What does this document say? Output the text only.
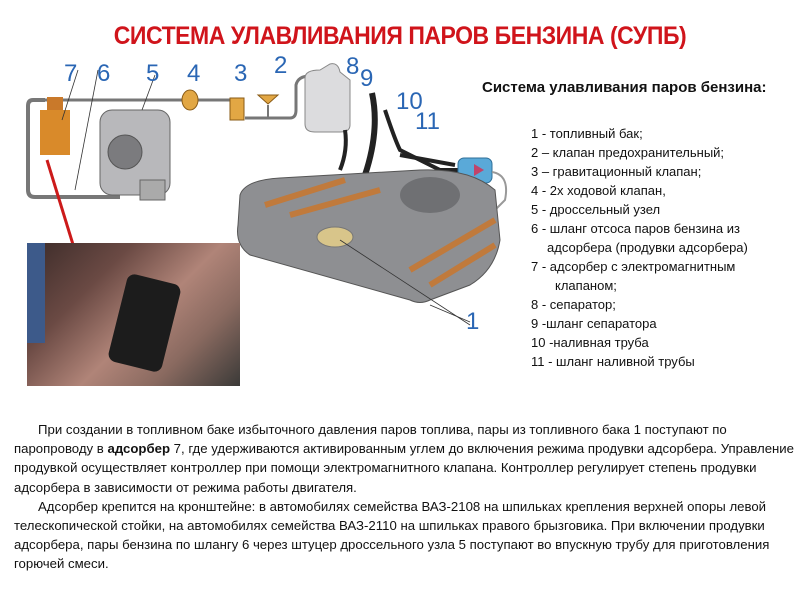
СИСТЕМА УЛАВЛИВАНИЯ ПАРОВ БЕНЗИНА (СУПБ)
7 6 5 4 3 2 8 9
10
11
1
Система улавливания паров бензина:
1 - топливный бак;
2 – клапан предохранительный;
3 – гравитационный клапан;
4 - 2х ходовой клапан,
5 - дроссельный узел
6 - шланг отсоса паров бензина из
адсорбера (продувки адсорбера)
7 - адсорбер с электромагнитным
клапаном;
8 - сепаратор;
9 -шланг сепаратора
10 -наливная труба
11 - шланг наливной трубы

При создании в топливном баке избыточного давления паров топлива, пары из топливного бака 1 поступают по паропроводу в адсорбер 7, где удерживаются активированным углем до включения режима продувки адсорбера. Управление продувкой осуществляет контроллер при помощи электромагнитного клапана. Контроллер регулирует степень продувки адсорбера в зависимости от режима работы двигателя.

Адсорбер крепится на кронштейне: в автомобилях семейства ВАЗ-2108 на шпильках крепления верхней опоры левой телескопической стойки, на автомобилях семейства ВАЗ-2110 на шпильках правого брызговика. При включении продувки адсорбера, пары бензина по шлангу 6 через штуцер дроссельного узла 5 поступают во впускную трубу для приготовления горючей смеси.
